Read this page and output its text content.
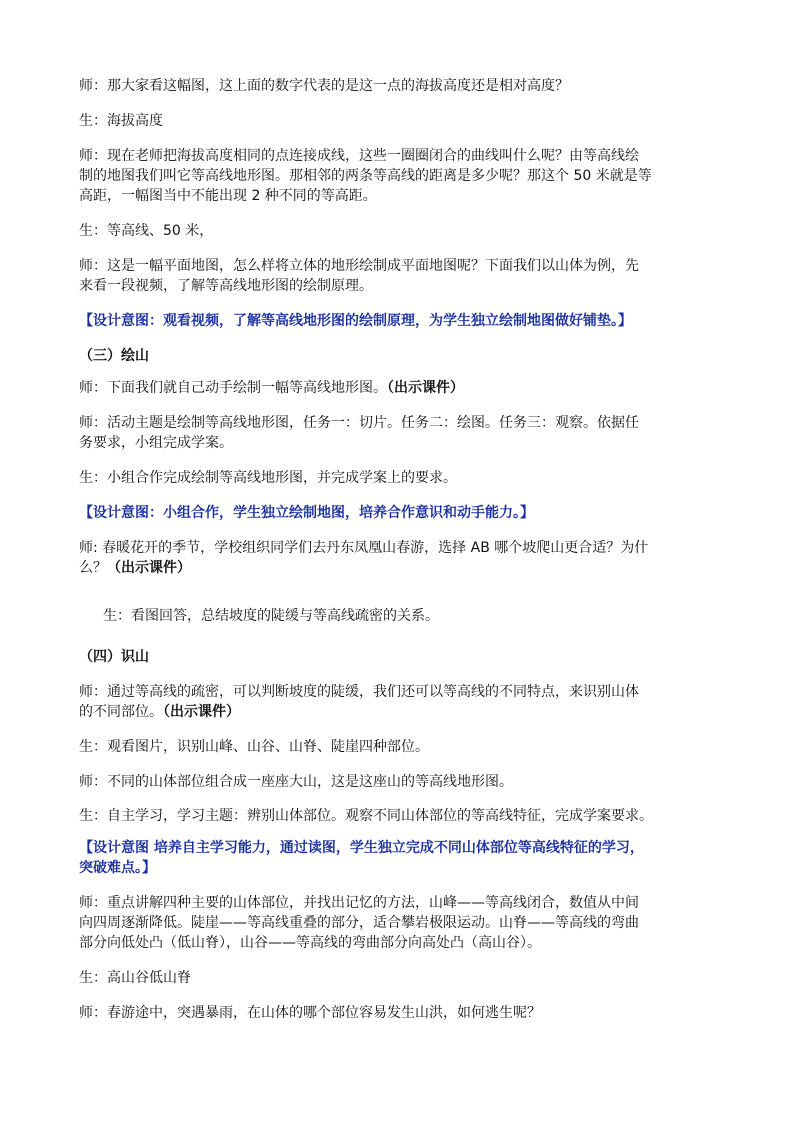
师：那大家看这幅图，这上面的数字代表的是这一点的海拔高度还是相对高度？
生：海拔高度
师：现在老师把海拔高度相同的点连接成线，这些一圈圈闭合的曲线叫什么呢？由等高线绘
制的地图我们叫它等高线地形图。那相邻的两条等高线的距离是多少呢？那这个 50 米就是等
高距，一幅图当中不能出现 2 种不同的等高距。
生：等高线、50 米，
师：这是一幅平面地图，怎么样将立体的地形绘制成平面地图呢？下面我们以山体为例，先
来看一段视频，了解等高线地形图的绘制原理。
【设计意图：观看视频，了解等高线地形图的绘制原理，为学生独立绘制地图做好铺垫。】
（三）绘山
师：下面我们就自己动手绘制一幅等高线地形图。（出示课件）
师：活动主题是绘制等高线地形图，任务一：切片。任务二：绘图。任务三：观察。依据任
务要求，小组完成学案。
生：小组合作完成绘制等高线地形图，并完成学案上的要求。
【设计意图：小组合作，学生独立绘制地图，培养合作意识和动手能力。】
师: 春暖花开的季节，学校组织同学们去丹东凤凰山春游，选择 AB 哪个坡爬山更合适？为什
么？（出示课件）
生：看图回答，总结坡度的陡缓与等高线疏密的关系。
（四）识山
师：通过等高线的疏密，可以判断坡度的陡缓，我们还可以等高线的不同特点，来识别山体
的不同部位。（出示课件）
生：观看图片，识别山峰、山谷、山脊、陡崖四种部位。
师：不同的山体部位组合成一座座大山，这是这座山的等高线地形图。
生：自主学习，学习主题：辨别山体部位。观察不同山体部位的等高线特征，完成学案要求。
【设计意图 培养自主学习能力，通过读图，学生独立完成不同山体部位等高线特征的学习，
突破难点。】
师：重点讲解四种主要的山体部位，并找出记忆的方法，山峰——等高线闭合，数值从中间
向四周逐渐降低。陡崖——等高线重叠的部分，适合攀岩极限运动。山脊——等高线的弯曲
部分向低处凸（低山脊），山谷——等高线的弯曲部分向高处凸（高山谷）。
生：高山谷低山脊
师：春游途中，突遇暴雨，在山体的哪个部位容易发生山洪，如何逃生呢？
